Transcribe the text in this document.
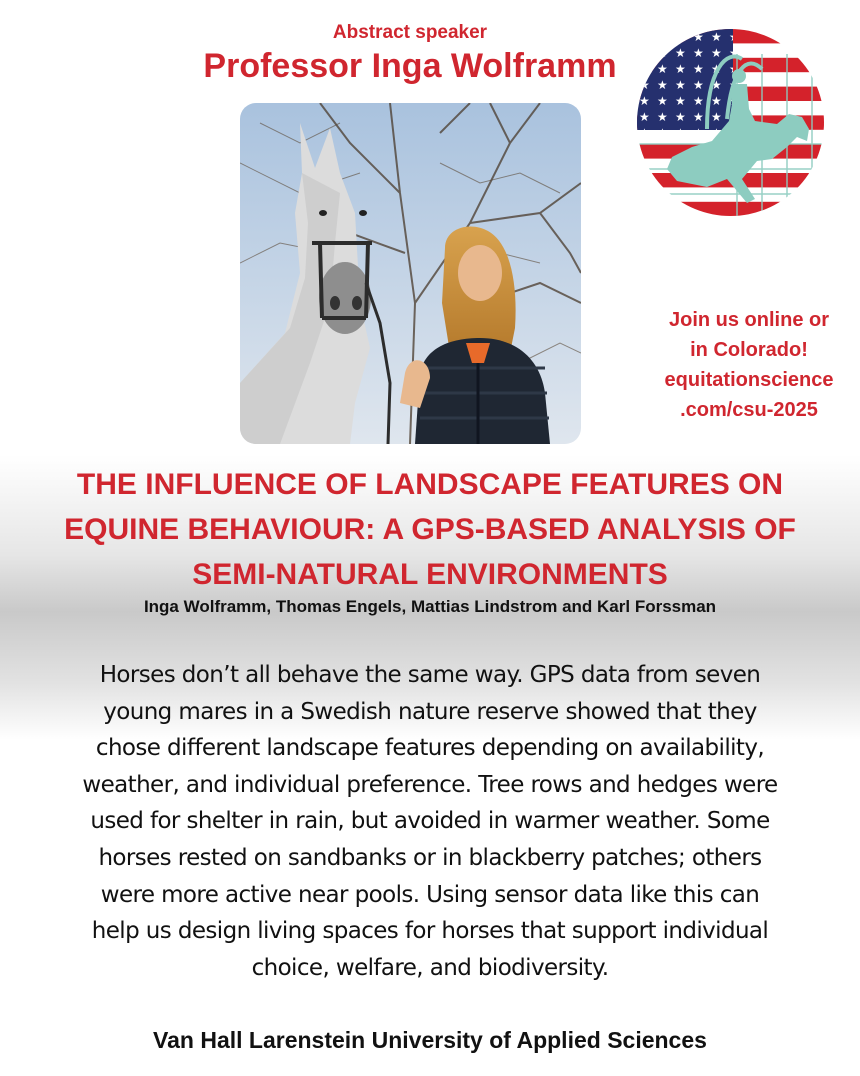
Abstract speaker
Professor Inga Wolframm
Join us online or
in Colorado!
equitationscience
.com/csu-2025
THE INFLUENCE OF LANDSCAPE FEATURES ON
EQUINE BEHAVIOUR: A GPS-BASED ANALYSIS OF
SEMI-NATURAL ENVIRONMENTS
Inga Wolframm, Thomas Engels, Mattias Lindstrom and Karl Forssman
Horses don’t all behave the same way. GPS data from seven
young mares in a Swedish nature reserve showed that they
chose different landscape features depending on availability,
weather, and individual preference. Tree rows and hedges were
used for shelter in rain, but avoided in warmer weather. Some
horses rested on sandbanks or in blackberry patches; others
were more active near pools. Using sensor data like this can
help us design living spaces for horses that support individual
choice, welfare, and biodiversity.
Van Hall Larenstein University of Applied Sciences
